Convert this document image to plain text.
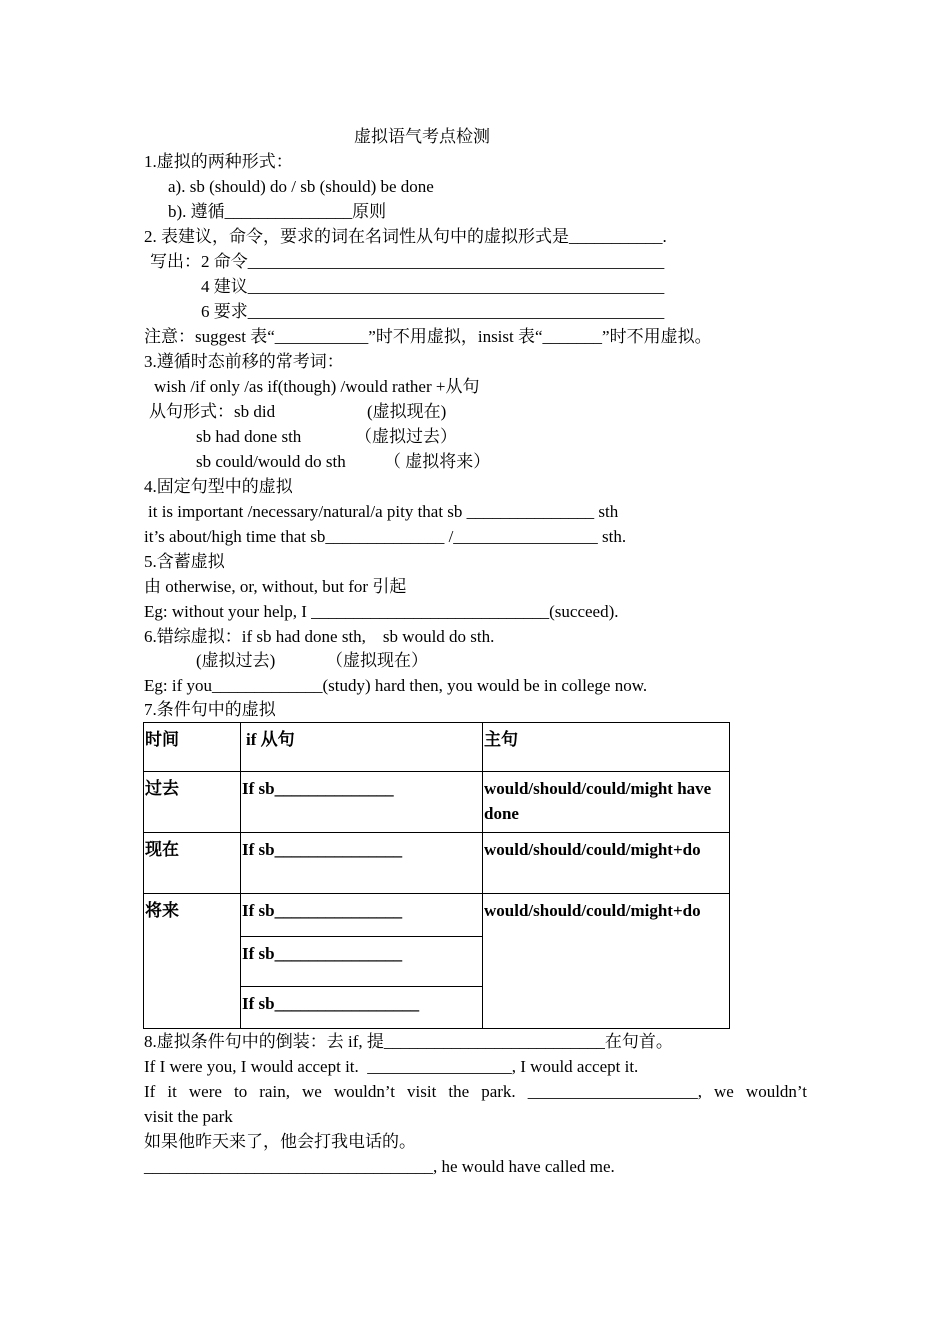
虚拟语气考点检测
1.虚拟的两种形式：
a). sb (should) do / sb (should) be done
b). 遵循_______________原则
2. 表建议，命令，要求的词在名词性从句中的虚拟形式是___________.
写出：2 命令_________________________________________________
4 建议_________________________________________________
6 要求_________________________________________________
注意：suggest 表“___________”时不用虚拟，insist 表“_______”时不用虚拟。
3.遵循时态前移的常考词：
wish /if only /as if(though) /would rather +从句
从句形式：sb did	(虚拟现在)
sb had done sth	（虚拟过去）
sb could/would do sth （ 虚拟将来）
4.固定句型中的虚拟
it is important /necessary/natural/a pity that sb _______________ sth
it’s about/high time that sb______________ /_________________ sth.
5.含蓄虚拟
由 otherwise, or, without, but for 引起
Eg: without your help, I ____________________________(succeed).
6.错综虚拟：if sb had done sth,    sb would do sth.
(虚拟过去)	（虚拟现在）
Eg: if you_____________(study) hard then, you would be in college now.
7.条件句中的虚拟
时间	if 从句	主句
过去	If sb______________	would/should/could/might have done
现在	If sb_______________	would/should/could/might+do
将来	If sb_______________	would/should/could/might+do
	If sb_______________	
	If sb_________________	
8.虚拟条件句中的倒装：去 if, 提__________________________在句首。
If I were you, I would accept it.  _________________, I would accept it.
If it were to rain, we wouldn’t visit the park. ____________________, we wouldn’t
visit the park
如果他昨天来了，他会打我电话的。
__________________________________, he would have called me.
